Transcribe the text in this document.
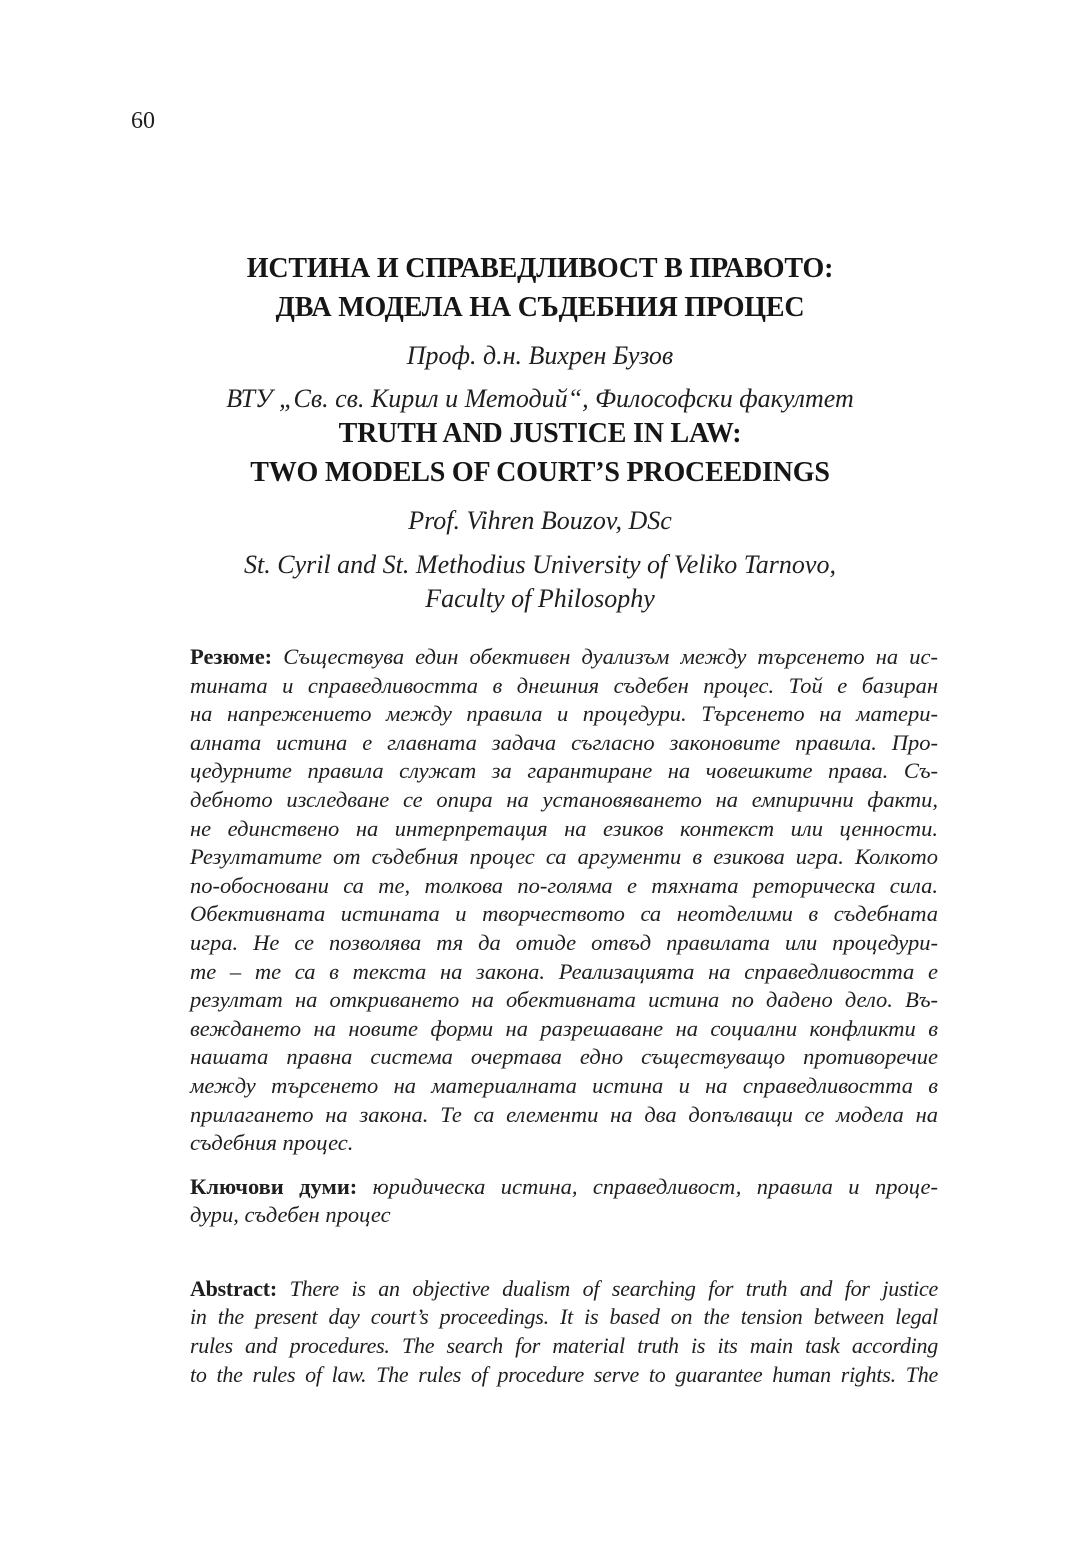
60
ИСТИНА И СПРАВЕДЛИВОСТ В ПРАВОТО:
ДВА МОДЕЛА НА СЪДЕБНИЯ ПРОЦЕС
Проф. д.н. Вихрен Бузов
ВТУ „Св. св. Кирил и Методий“, Философски факултет
TRUTH AND JUSTICE IN LAW:
TWO MODELS OF COURT’S PROCEEDINGS
Prof. Vihren Bouzov, DSc
St. Cyril and St. Methodius University of Veliko Tarnovo,
Faculty of Philosophy
Резюме: Съществува един обективен дуализъм между търсенето на ис-
тината и справедливостта в днешния съдебен процес. Той е базиран
на напрежението между правила и процедури. Търсенето на матери-
алната истина е главната задача съгласно законовите правила. Про-
цедурните правила служат за гарантиране на човешките права. Съ-
дебното изследване се опира на установяването на емпирични факти,
не единствено на интерпретация на езиков контекст или ценности.
Резултатите от съдебния процес са аргументи в езикова игра. Колкото
по-обосновани са те, толкова по-голяма е тяхната реторическа сила.
Обективната истината и творчеството са неотделими в съдебната
игра. Не се позволява тя да отиде отвъд правилата или процедури-
те – те са в текста на закона. Реализацията на справедливостта е
резултат на откриването на обективната истина по дадено дело. Въ-
веждането на новите форми на разрешаване на социални конфликти в
нашата правна система очертава едно съществуващо противоречие
между търсенето на материалната истина и на справедливостта в
прилагането на закона. Те са елементи на два допълващи се модела на
съдебния процес.
Ключови думи: юридическа истина, справедливост, правила и проце-
дури, съдебен процес
Abstract: There is an objective dualism of searching for truth and for justice
in the present day court’s proceedings. It is based on the tension between legal
rules and procedures. The search for material truth is its main task according
to the rules of law. The rules of procedure serve to guarantee human rights. The
